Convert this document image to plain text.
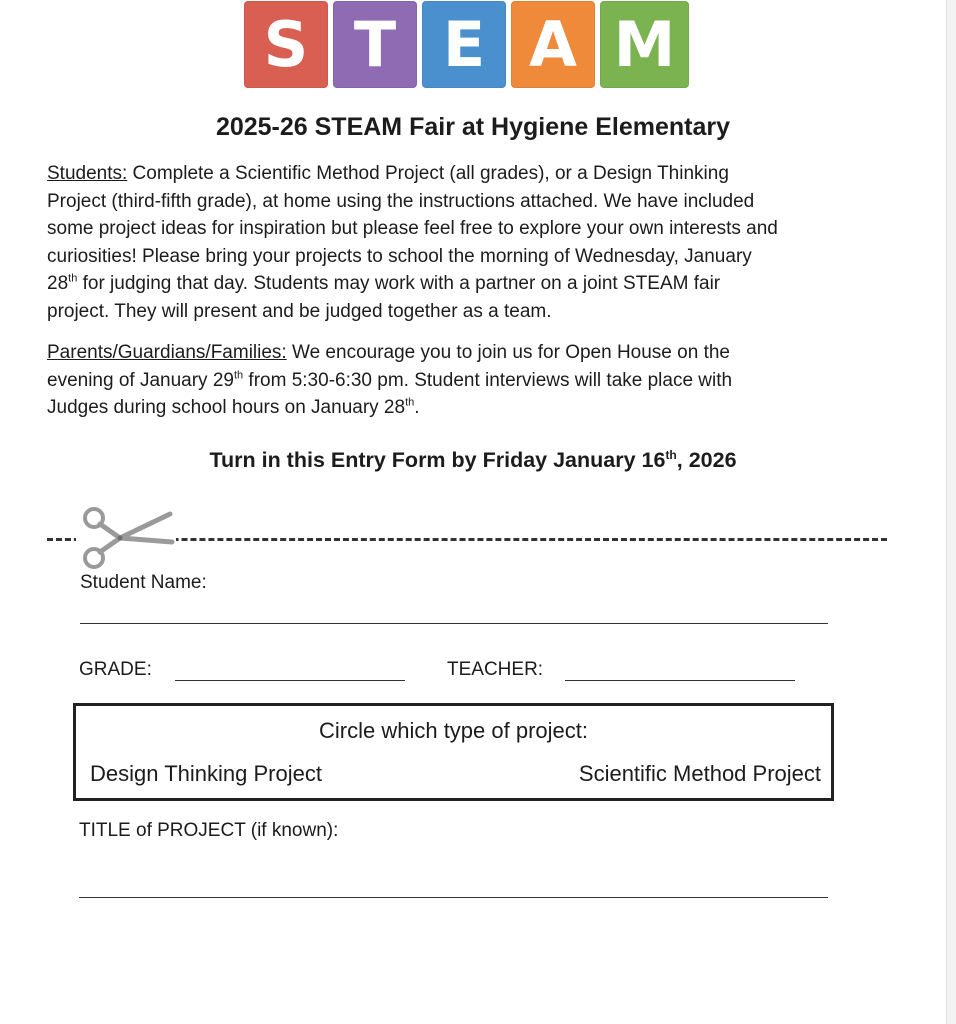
S T E A M
2025-26 STEAM Fair at Hygiene Elementary

Students: Complete a Scientific Method Project (all grades), or a Design Thinking
Project (third-fifth grade), at home using the instructions attached. We have included
some project ideas for inspiration but please feel free to explore your own interests and
curiosities! Please bring your projects to school the morning of Wednesday, January
28th for judging that day. Students may work with a partner on a joint STEAM fair
project. They will present and be judged together as a team.

Parents/Guardians/Families: We encourage you to join us for Open House on the
evening of January 29th from 5:30-6:30 pm. Student interviews will take place with
Judges during school hours on January 28th.

Turn in this Entry Form by Friday January 16th, 2026
Student Name:
GRADE:	TEACHER:
Circle which type of project:
Design Thinking Project	Scientific Method Project
TITLE of PROJECT (if known):
